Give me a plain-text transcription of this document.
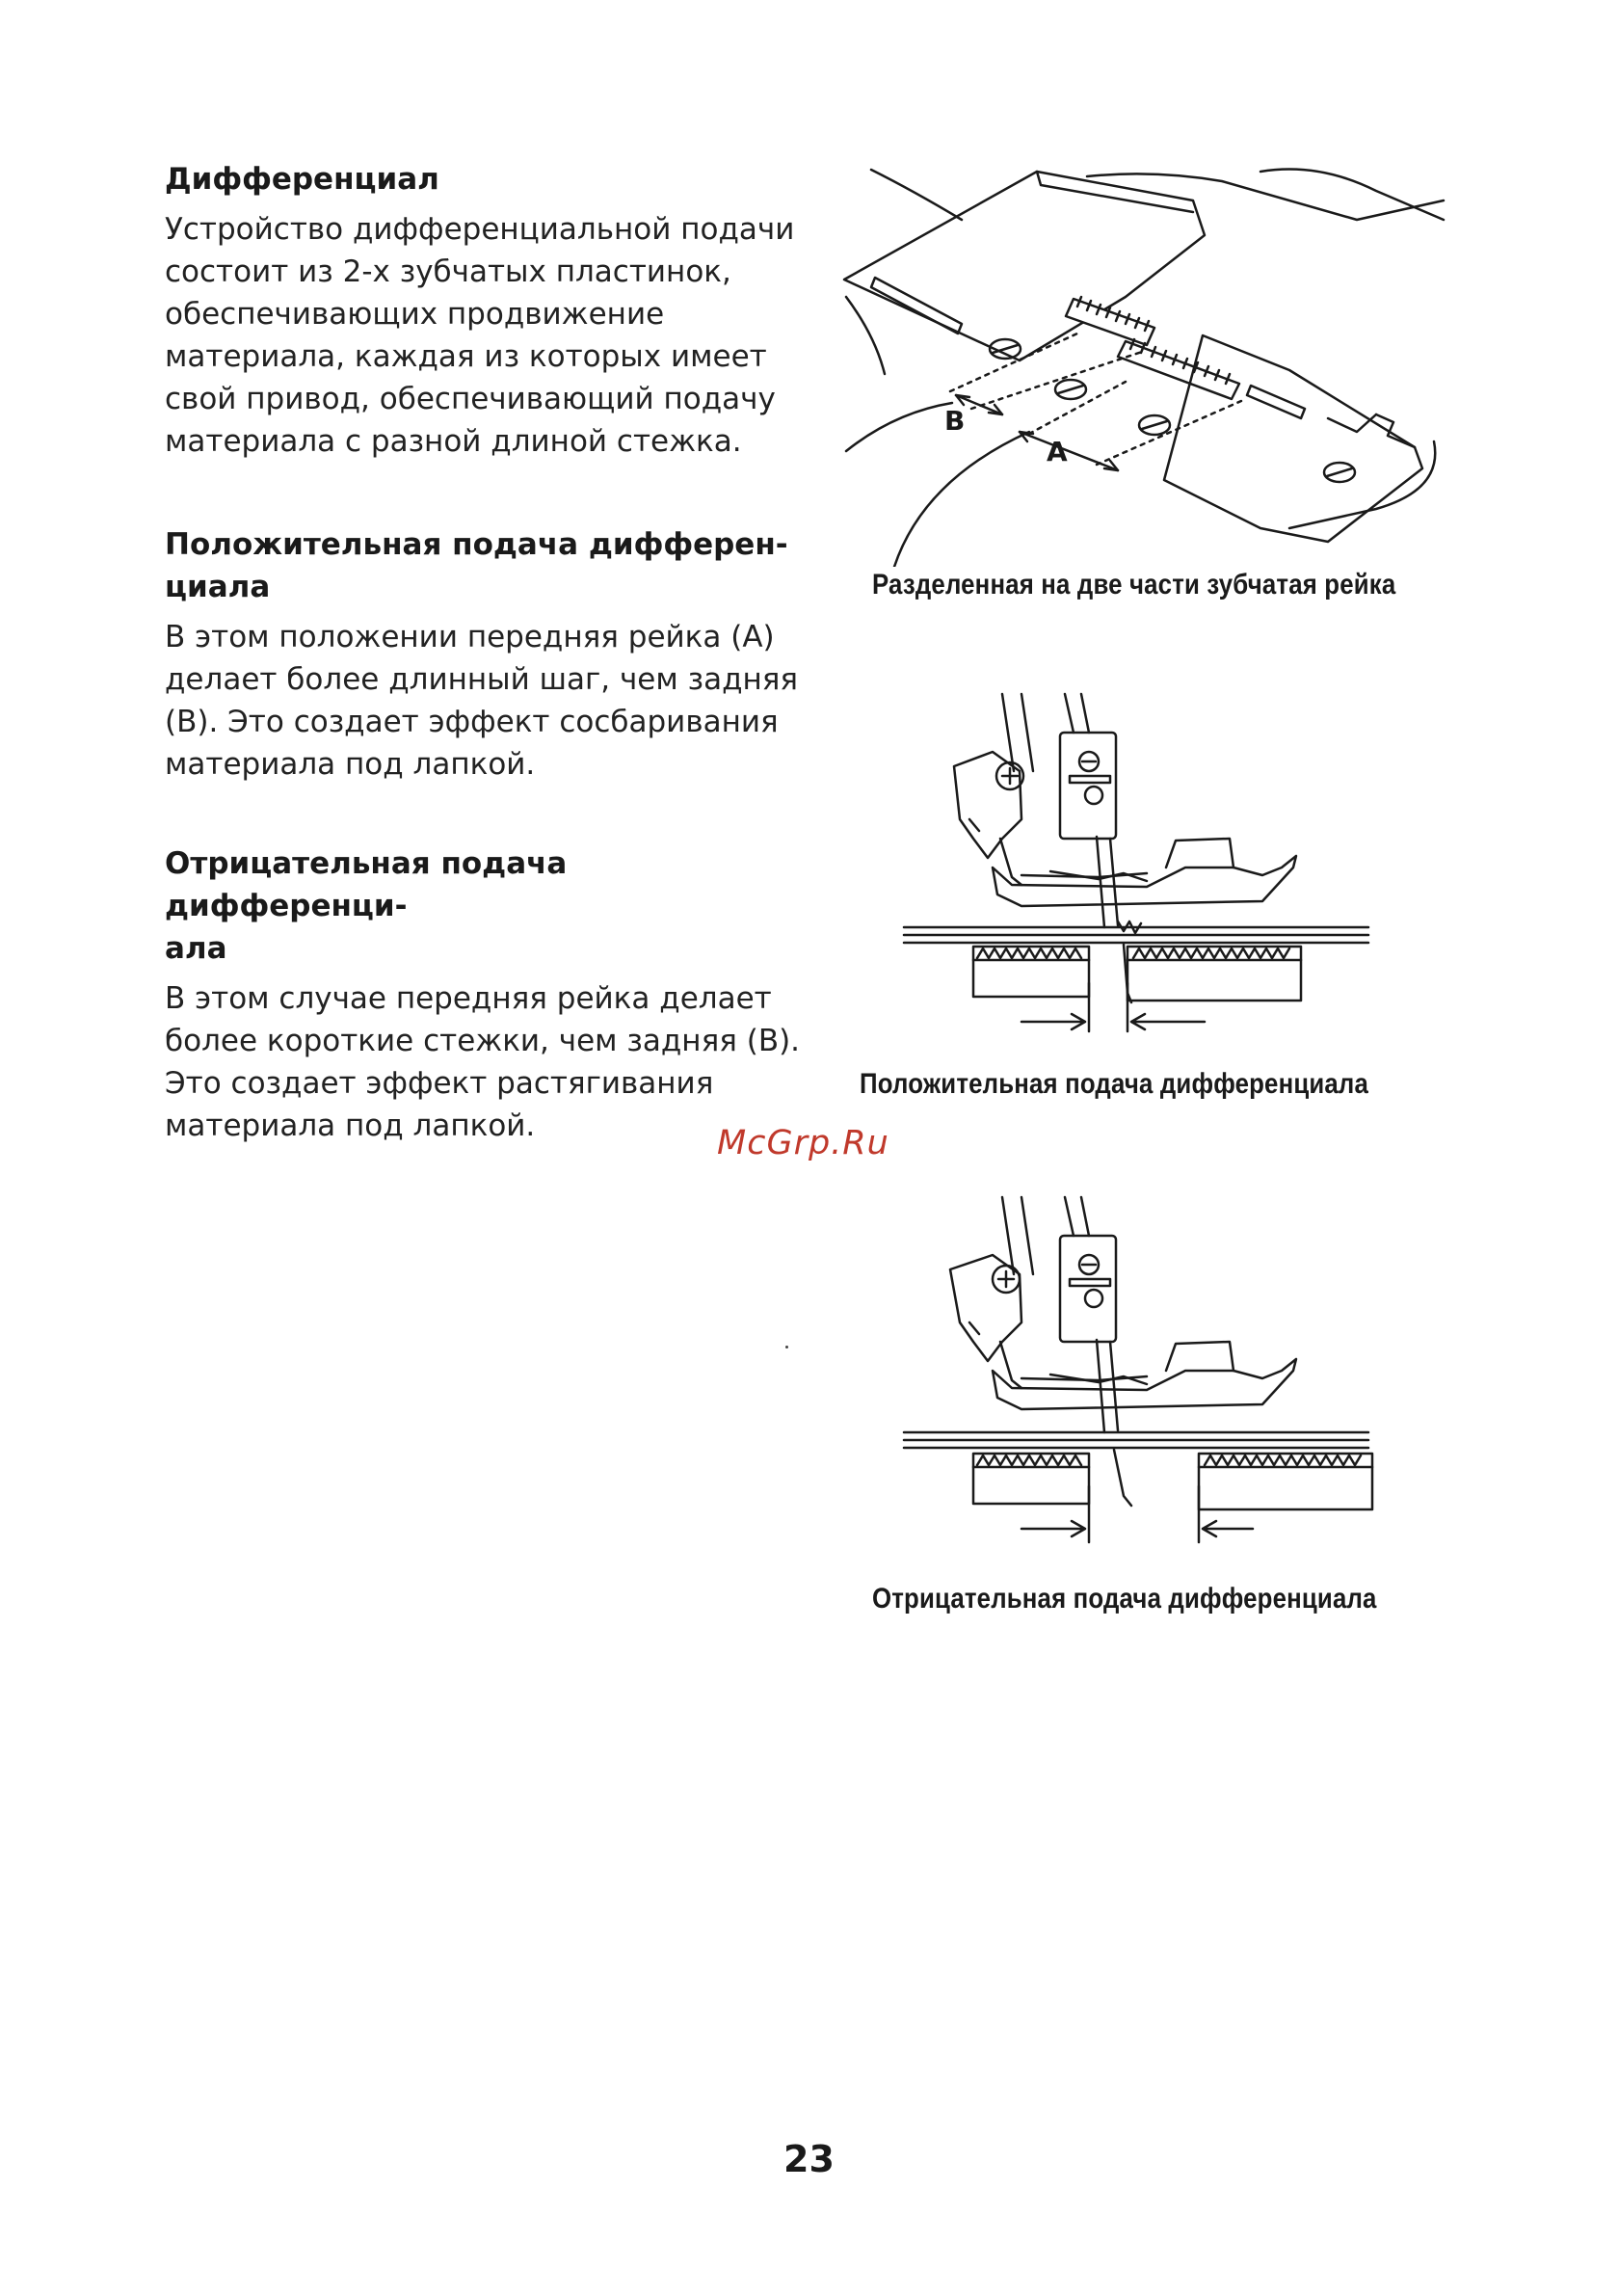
Дифференциал

Устройство дифференциальной подачи
состоит из 2-х зубчатых пластинок,
обеспечивающих продвижение
материала, каждая из которых имеет
свой привод, обеспечивающий подачу
материала с разной длиной стежка.

Положительная подача дифферен-
циала

В этом положении передняя рейка (А)
делает более длинный шаг, чем задняя
(В). Это создает эффект сосбаривания
материала под лапкой.

Отрицательная подача дифференци-
ала

В этом случае передняя рейка делает
более короткие стежки, чем задняя (В).
Это создает эффект растягивания
материала под лапкой.

B
A
Разделенная на две части зубчатая рейка
Положительная подача дифференциала
Отрицательная подача дифференциала
McGrp.Ru
23
